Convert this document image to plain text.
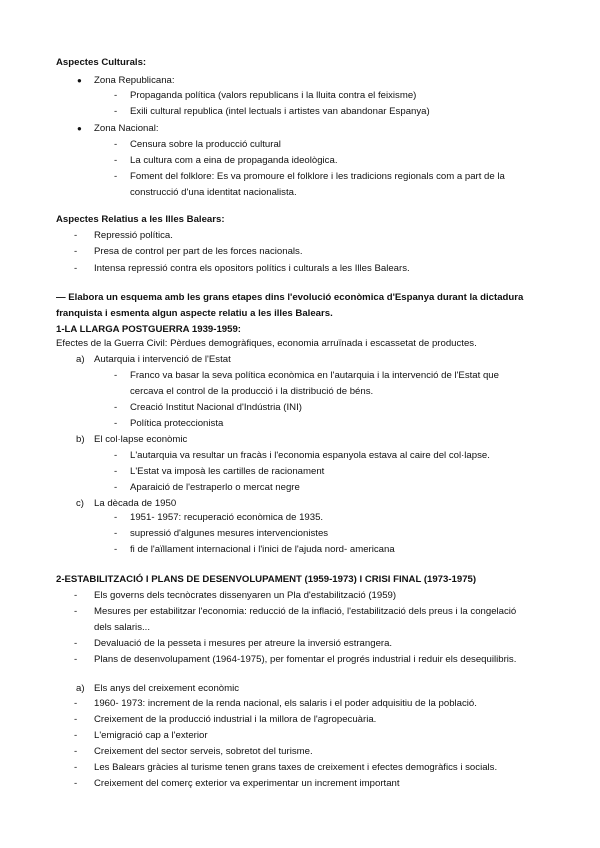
Aspectes Culturals:
● Zona Republicana:
- Propaganda política (valors republicans i la lluita contra el feixisme)
- Exili cultural republica (intel lectuals i artistes van abandonar Espanya)
● Zona Nacional:
- Censura sobre la producció cultural
- La cultura com a eina de propaganda ideològica.
- Foment del folklore: Es va promoure el folklore i les tradicions regionals com a part de la
construcció d'una identitat nacionalista.
Aspectes Relatius a les Illes Balears:
- Repressió política.
- Presa de control per part de les forces nacionals.
- Intensa repressió contra els opositors polítics i culturals a les Illes Balears.
— Elabora un esquema amb les grans etapes dins l'evolució econòmica d'Espanya durant la dictadura
franquista i esmenta algun aspecte relatiu a les illes Balears.
1-LA LLARGA POSTGUERRA 1939-1959:
Efectes de la Guerra Civil: Pèrdues demogràfiques, economia arruïnada i escassetat de productes.
a) Autarquia i intervenció de l'Estat
- Franco va basar la seva política econòmica en l'autarquia i la intervenció de l'Estat que
cercava el control de la producció i la distribució de béns.
- Creació Institut Nacional d'Indústria (INI)
- Política proteccionista
b) El col·lapse econòmic
- L'autarquia va resultar un fracàs i l'economia espanyola estava al caire del col·lapse.
- L'Estat va imposà les cartilles de racionament
- Aparaició de l'estraperlo o mercat negre
c) La dècada de 1950
- 1951- 1957: recuperació econòmica de 1935.
- supressió d'algunes mesures intervencionistes
- fi de l'aïllament internacional i l'inici de l'ajuda nord- americana
2-ESTABILITZACIÓ I PLANS DE DESENVOLUPAMENT (1959-1973) I CRISI FINAL (1973-1975)
- Els governs dels tecnòcrates dissenyaren un Pla d'estabilització (1959)
- Mesures per estabilitzar l'economia: reducció de la inflació, l'estabilització dels preus i la congelació
dels salaris...
- Devaluació de la pesseta i mesures per atreure la inversió estrangera.
- Plans de desenvolupament (1964-1975), per fomentar el progrés industrial i reduir els desequilibris.
a) Els anys del creixement econòmic
- 1960- 1973: increment de la renda nacional, els salaris i el poder adquisitiu de la població.
- Creixement de la producció industrial i la millora de l'agropecuària.
- L'emigració cap a l'exterior
- Creixement del sector serveis, sobretot del turisme.
- Les Balears gràcies al turisme tenen grans taxes de creixement i efectes demogràfics i socials.
- Creixement del comerç exterior va experimentar un increment important
